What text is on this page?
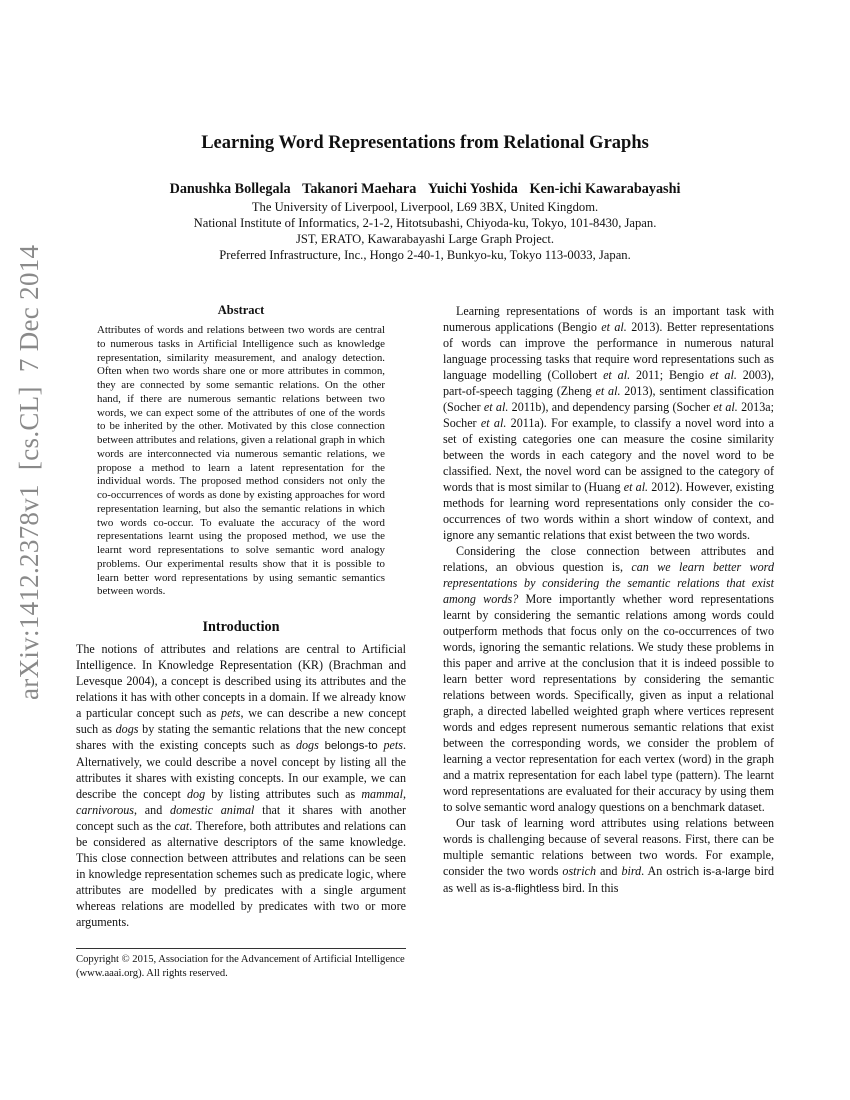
arXiv:1412.2378v1  [cs.CL]  7 Dec 2014
Learning Word Representations from Relational Graphs
Danushka Bollegala Takanori Maehara Yuichi Yoshida Ken-ichi Kawarabayashi
The University of Liverpool, Liverpool, L69 3BX, United Kingdom.
National Institute of Informatics, 2-1-2, Hitotsubashi, Chiyoda-ku, Tokyo, 101-8430, Japan.
JST, ERATO, Kawarabayashi Large Graph Project.
Preferred Infrastructure, Inc., Hongo 2-40-1, Bunkyo-ku, Tokyo 113-0033, Japan.
Abstract

Attributes of words and relations between two words are central to numerous tasks in Artificial Intelligence such as knowledge representation, similarity measurement, and analogy detection. Often when two words share one or more attributes in common, they are connected by some semantic relations. On the other hand, if there are numerous semantic relations between two words, we can expect some of the attributes of one of the words to be inherited by the other. Motivated by this close connection between attributes and relations, given a relational graph in which words are interconnected via numerous semantic relations, we propose a method to learn a latent representation for the individual words. The proposed method considers not only the co-occurrences of words as done by existing approaches for word representation learning, but also the semantic relations in which two words co-occur. To evaluate the accuracy of the word representations learnt using the proposed method, we use the learnt word representations to solve semantic word analogy problems. Our experimental results show that it is possible to learn better word representations by using semantic semantics between words.

Introduction

The notions of attributes and relations are central to Artificial Intelligence. In Knowledge Representation (KR) (Brachman and Levesque 2004), a concept is described using its attributes and the relations it has with other concepts in a domain. If we already know a particular concept such as pets, we can describe a new concept such as dogs by stating the semantic relations that the new concept shares with the existing concepts such as dogs belongs-to pets. Alternatively, we could describe a novel concept by listing all the attributes it shares with existing concepts. In our example, we can describe the concept dog by listing attributes such as mammal, carnivorous, and domestic animal that it shares with another concept such as the cat. Therefore, both attributes and relations can be considered as alternative descriptors of the same knowledge. This close connection between attributes and relations can be seen in knowledge representation schemes such as predicate logic, where attributes are modelled by predicates with a single argument whereas relations are modelled by predicates with two or more arguments.

Copyright © 2015, Association for the Advancement of Artificial Intelligence (www.aaai.org). All rights reserved.

Learning representations of words is an important task with numerous applications (Bengio et al. 2013). Better representations of words can improve the performance in numerous natural language processing tasks that require word representations such as language modelling (Collobert et al. 2011; Bengio et al. 2003), part-of-speech tagging (Zheng et al. 2013), sentiment classification (Socher et al. 2011b), and dependency parsing (Socher et al. 2013a; Socher et al. 2011a). For example, to classify a novel word into a set of existing categories one can measure the cosine similarity between the words in each category and the novel word to be classified. Next, the novel word can be assigned to the category of words that is most similar to (Huang et al. 2012). However, existing methods for learning word representations only consider the co-occurrences of two words within a short window of context, and ignore any semantic relations that exist between the two words.

Considering the close connection between attributes and relations, an obvious question is, can we learn better word representations by considering the semantic relations that exist among words? More importantly whether word representations learnt by considering the semantic relations among words could outperform methods that focus only on the co-occurrences of two words, ignoring the semantic relations. We study these problems in this paper and arrive at the conclusion that it is indeed possible to learn better word representations by considering the semantic relations between words. Specifically, given as input a relational graph, a directed labelled weighted graph where vertices represent words and edges represent numerous semantic relations that exist between the corresponding words, we consider the problem of learning a vector representation for each vertex (word) in the graph and a matrix representation for each label type (pattern). The learnt word representations are evaluated for their accuracy by using them to solve semantic word analogy questions on a benchmark dataset.

Our task of learning word attributes using relations between words is challenging because of several reasons. First, there can be multiple semantic relations between two words. For example, consider the two words ostrich and bird. An ostrich is-a-large bird as well as is-a-flightless bird. In this
